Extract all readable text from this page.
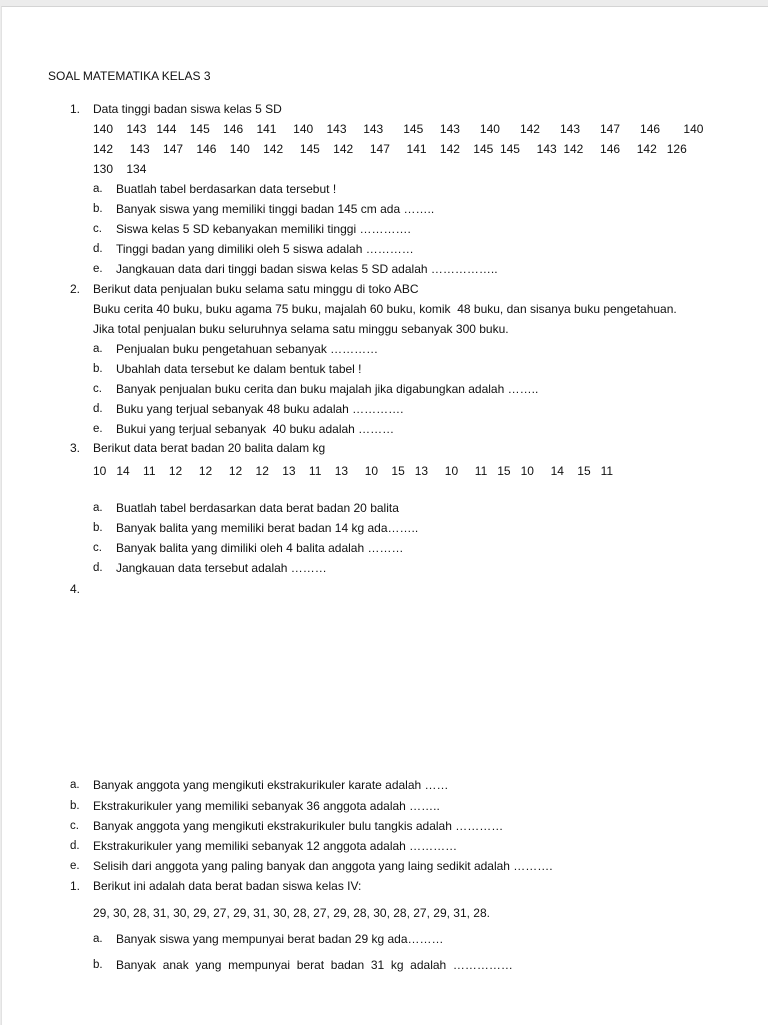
SOAL MATEMATIKA KELAS 3
1. Data tinggi badan siswa kelas 5 SD
140    143   144    145    146    141     140    143     143      145     143      140      142      143      147      146       140
142     143    147    146    140    142     145    142     147     141    142    145  145     143  142     146     142   126
130    134
a. Buatlah tabel berdasarkan data tersebut !
b. Banyak siswa yang memiliki tinggi badan 145 cm ada ……..
c. Siswa kelas 5 SD kebanyakan memiliki tinggi ………….
d. Tinggi badan yang dimiliki oleh 5 siswa adalah …………
e. Jangkauan data dari tinggi badan siswa kelas 5 SD adalah ……………..
2. Berikut data penjualan buku selama satu minggu di toko ABC
Buku cerita 40 buku, buku agama 75 buku, majalah 60 buku, komik  48 buku, dan sisanya buku pengetahuan.
Jika total penjualan buku seluruhnya selama satu minggu sebanyak 300 buku.
a. Penjualan buku pengetahuan sebanyak …………
b. Ubahlah data tersebut ke dalam bentuk tabel !
c. Banyak penjualan buku cerita dan buku majalah jika digabungkan adalah ……..
d. Buku yang terjual sebanyak 48 buku adalah ………….
e. Bukui yang terjual sebanyak  40 buku adalah ………
3. Berikut data berat badan 20 balita dalam kg
10   14    11    12     12     12    12    13    11    13     10    15   13     10     11   15   10     14    15   11
a. Buatlah tabel berdasarkan data berat badan 20 balita
b. Banyak balita yang memiliki berat badan 14 kg ada……..
c. Banyak balita yang dimiliki oleh 4 balita adalah ………
d. Jangkauan data tersebut adalah ………
4.
a. Banyak anggota yang mengikuti ekstrakurikuler karate adalah ……
b. Ekstrakurikuler yang memiliki sebanyak 36 anggota adalah ……..
c. Banyak anggota yang mengikuti ekstrakurikuler bulu tangkis adalah …………
d. Ekstrakurikuler yang memiliki sebanyak 12 anggota adalah …………
e. Selisih dari anggota yang paling banyak dan anggota yang laing sedikit adalah ……….
1. Berikut ini adalah data berat badan siswa kelas IV:
29, 30, 28, 31, 30, 29, 27, 29, 31, 30, 28, 27, 29, 28, 30, 28, 27, 29, 31, 28.
a. Banyak siswa yang mempunyai berat badan 29 kg ada………
b. Banyak  anak  yang  mempunyai  berat  badan  31  kg  adalah  ……………
